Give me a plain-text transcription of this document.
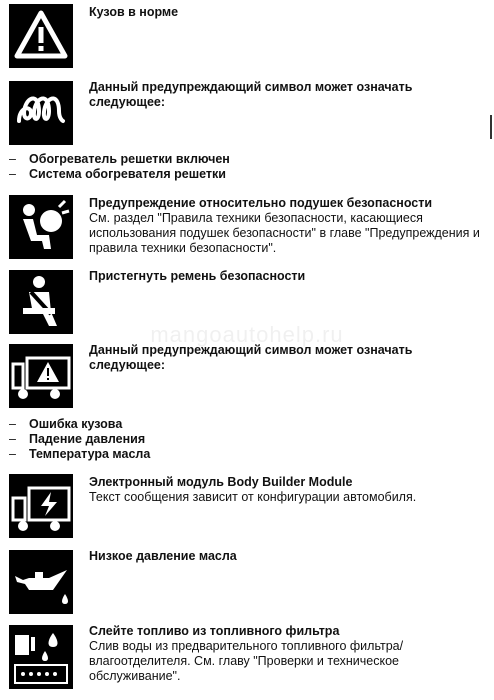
mangoautohelp.ru

Кузов в норме

Данный предупреждающий символ может означать

следующее:

– Обогреватель решетки включен
– Система обогревателя решетки

Предупреждение относительно подушек безопасности

См. раздел "Правила техники безопасности, касающиеся

использования подушек безопасности" в главе "Предупреждения и

правила техники безопасности".

Пристегнуть ремень безопасности

Данный предупреждающий символ может означать

следующее:

– Ошибка кузова
– Падение давления
– Температура масла

Электронный модуль Body Builder Module

Текст сообщения зависит от конфигурации автомобиля.

Низкое давление масла

Слейте топливо из топливного фильтра

Слив воды из предварительного топливного фильтра/

влагоотделителя. См. главу "Проверки и техническое

обслуживание".
